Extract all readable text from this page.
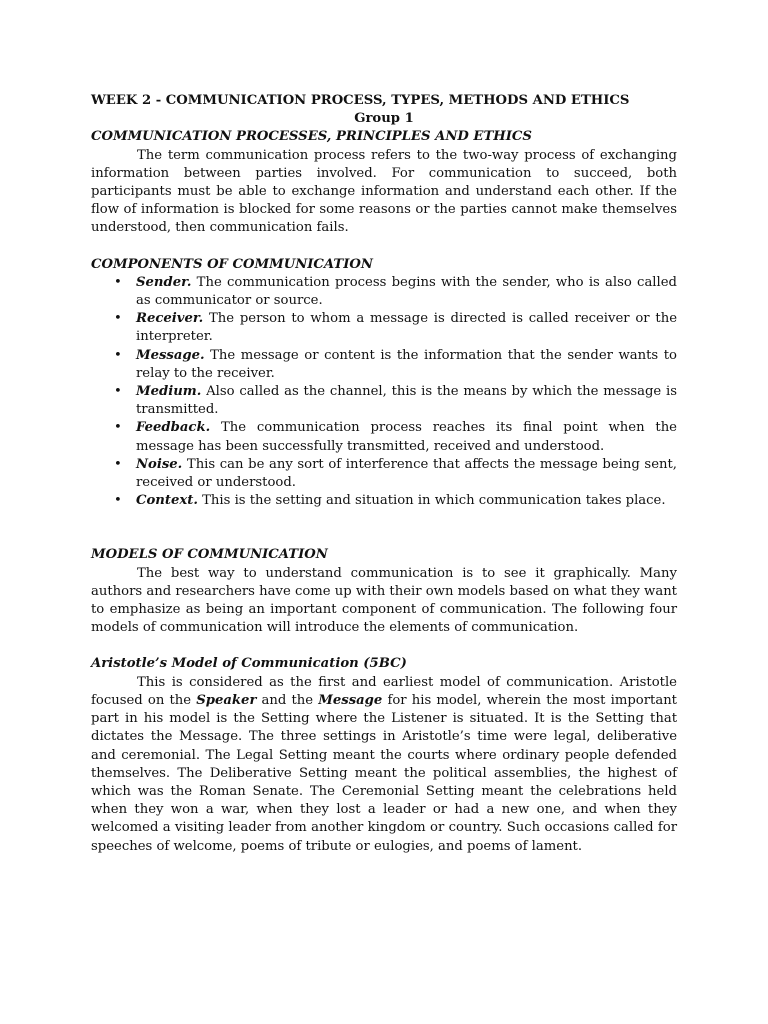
WEEK 2 - COMMUNICATION PROCESS, TYPES, METHODS AND ETHICS

Group 1

COMMUNICATION PROCESSES, PRINCIPLES AND ETHICS

The term communication process refers to the two-way process of exchanging information between parties involved. For communication to succeed, both participants must be able to exchange information and understand each other. If the flow of information is blocked for some reasons or the parties cannot make themselves understood, then communication fails.

COMPONENTS OF COMMUNICATION

• Sender. The communication process begins with the sender, who is also called as communicator or source.
• Receiver. The person to whom a message is directed is called receiver or the interpreter.
• Message. The message or content is the information that the sender wants to relay to the receiver.
• Medium. Also called as the channel, this is the means by which the message is transmitted.
• Feedback. The communication process reaches its final point when the message has been successfully transmitted, received and understood.
• Noise. This can be any sort of interference that affects the message being sent, received or understood.
• Context. This is the setting and situation in which communication takes place.

MODELS OF COMMUNICATION

The best way to understand communication is to see it graphically. Many authors and researchers have come up with their own models based on what they want to emphasize as being an important component of communication. The following four models of communication will introduce the elements of communication.

Aristotle’s Model of Communication (5BC)

This is considered as the first and earliest model of communication. Aristotle focused on the Speaker and the Message for his model, wherein the most important part in his model is the Setting where the Listener is situated. It is the Setting that dictates the Message. The three settings in Aristotle’s time were legal, deliberative and ceremonial. The Legal Setting meant the courts where ordinary people defended themselves. The Deliberative Setting meant the political assemblies, the highest of which was the Roman Senate. The Ceremonial Setting meant the celebrations held when they won a war, when they lost a leader or had a new one, and when they welcomed a visiting leader from another kingdom or country. Such occasions called for speeches of welcome, poems of tribute or eulogies, and poems of lament.
